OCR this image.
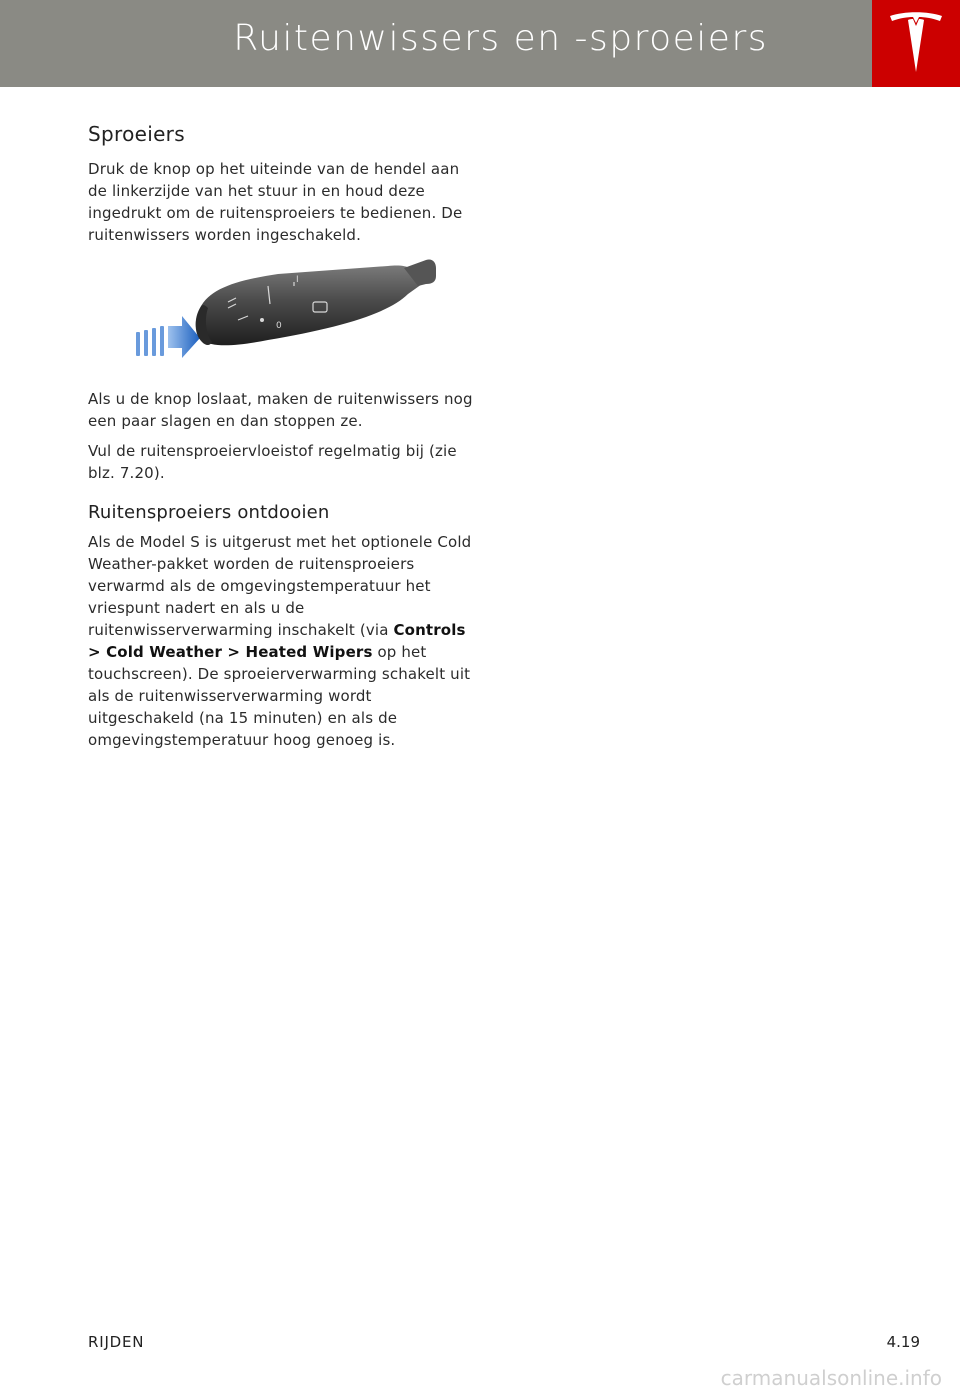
Ruitenwissers en -sproeiers
Sproeiers

Druk de knop op het uiteinde van de hendel aan de linkerzijde van het stuur in en houd deze ingedrukt om de ruitensproeiers te bedienen. De ruitenwissers worden ingeschakeld.

0
I

Als u de knop loslaat, maken de ruitenwissers nog een paar slagen en dan stoppen ze.

Vul de ruitensproeiervloeistof regelmatig bij (zie blz. 7.20).

Ruitensproeiers ontdooien

Als de Model S is uitgerust met het optionele Cold Weather-pakket worden de ruitensproeiers verwarmd als de omgevingstemperatuur het vriespunt nadert en als u de ruitenwisserverwarming inschakelt (via Controls > Cold Weather > Heated Wipers op het touchscreen). De sproeierverwarming schakelt uit als de ruitenwisserverwarming wordt uitgeschakeld (na 15 minuten) en als de omgevingstemperatuur hoog genoeg is.

RIJDEN	4.19
carmanualsonline.info
